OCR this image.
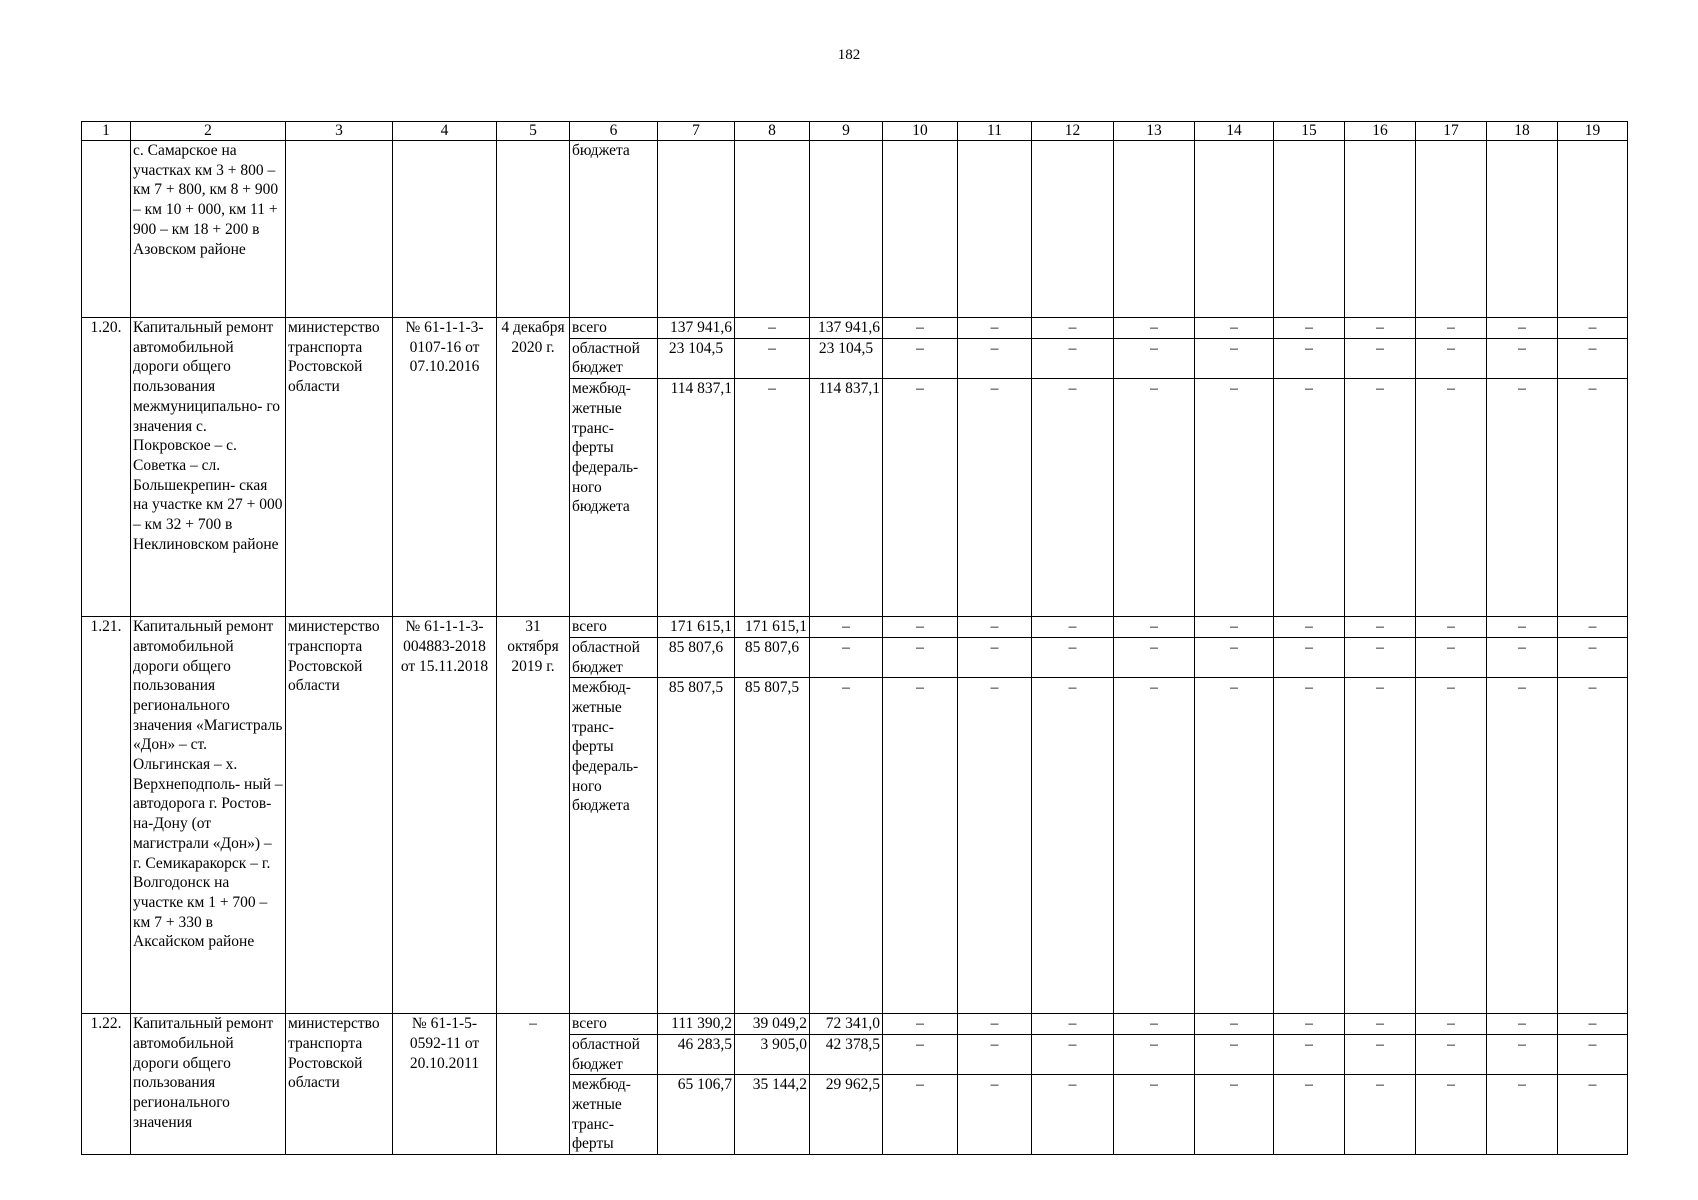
182
1	2	3	4	5	6	7	8	9	10	11	12	13	14	15	16	17	18	19
	с. Самарское на участках км 3 + 800 – км 7 + 800, км 8 + 900 – км 10 + 000, км 11 + 900 – км 18 + 200 в Азовском районе				бюджета													
1.20.	Капитальный ремонт автомобильной дороги общего пользования межмуниципально- го значения с. Покровское – с. Советка – сл. Большекрепин- ская на участке км 27 + 000 – км 32 + 700 в Неклиновском районе	министерство транспорта Ростовской области	№ 61-1-1-3- 0107-16 от 07.10.2016	4 декабря 2020 г.	всего	137 941,6	–	137 941,6	–	–	–	–	–	–	–	–	–	–
					областной бюджет	23 104,5	–	23 104,5	–	–	–	–	–	–	–	–	–	–
					межбюд- жетные транс- ферты федераль- ного бюджета	114 837,1	–	114 837,1	–	–	–	–	–	–	–	–	–	–
1.21.	Капитальный ремонт автомобильной дороги общего пользования регионального значения «Магистраль «Дон» – ст. Ольгинская – х. Верхнеподполь- ный – автодорога г. Ростов-на-Дону (от магистрали «Дон») – г. Семикаракорск – г. Волгодонск на участке км 1 + 700 – км 7 + 330 в Аксайском районе	министерство транспорта Ростовской области	№ 61-1-1-3- 004883-2018 от 15.11.2018	31 октября 2019 г.	всего	171 615,1	171 615,1	–	–	–	–	–	–	–	–	–	–	–
					областной бюджет	85 807,6	85 807,6	–	–	–	–	–	–	–	–	–	–	–
					межбюд- жетные транс- ферты федераль- ного бюджета	85 807,5	85 807,5	–	–	–	–	–	–	–	–	–	–	–
1.22.	Капитальный ремонт автомобильной дороги общего пользования регионального значения	министерство транспорта Ростовской области	№ 61-1-5- 0592-11 от 20.10.2011	–	всего	111 390,2	39 049,2	72 341,0	–	–	–	–	–	–	–	–	–	–
					областной бюджет	46 283,5	3 905,0	42 378,5	–	–	–	–	–	–	–	–	–	–
					межбюд- жетные транс- ферты	65 106,7	35 144,2	29 962,5	–	–	–	–	–	–	–	–	–	–
